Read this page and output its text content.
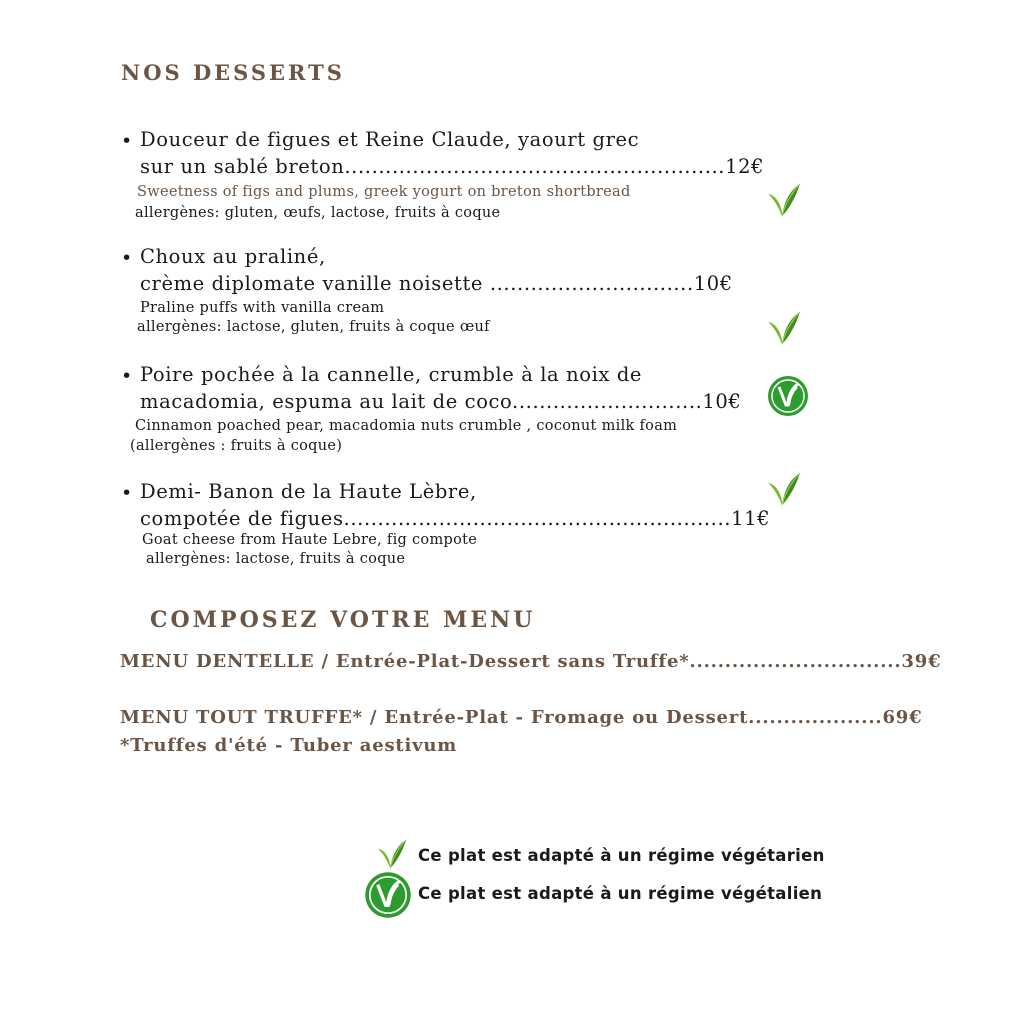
NOS DESSERTS
• Douceur de figues et Reine Claude, yaourt grec
sur un sablé breton........................................................12€
Sweetness of figs and plums, greek yogurt on breton shortbread
allergènes: gluten, œufs, lactose, fruits à coque
• Choux au praliné,
crème diplomate vanille noisette ..............................10€
Praline puffs with vanilla cream
allergènes: lactose, gluten, fruits à coque œuf
• Poire pochée à la cannelle, crumble à la noix de
macadomia, espuma au lait de coco............................10€
Cinnamon poached pear, macadomia nuts crumble , coconut milk foam
(allergènes : fruits à coque)
• Demi- Banon de la Haute Lèbre,
compotée de figues.........................................................11€
Goat cheese from Haute Lebre, fig compote
allergènes: lactose, fruits à coque
COMPOSEZ VOTRE MENU
MENU DENTELLE / Entrée-Plat-Dessert sans Truffe*..............................39€
MENU TOUT TRUFFE* / Entrée-Plat - Fromage ou Dessert...................69€
*Truffes d'été - Tuber aestivum
Ce plat est adapté à un régime végétarien
Ce plat est adapté à un régime végétalien
